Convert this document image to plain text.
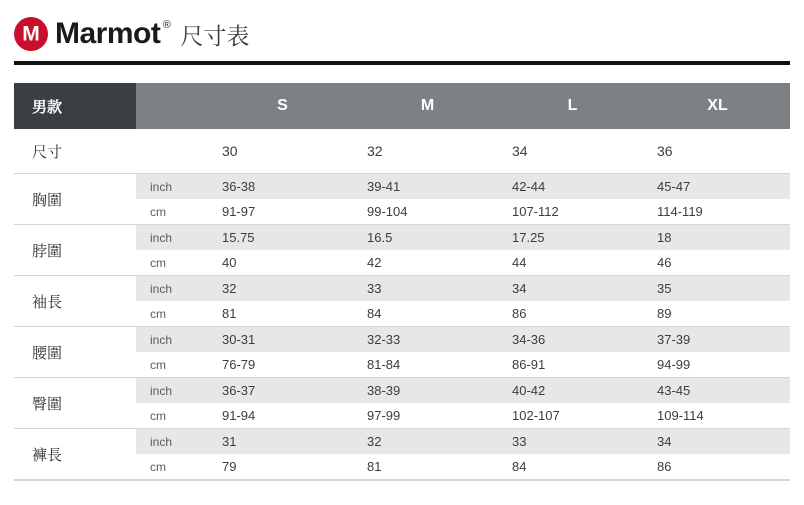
M Marmot ® 尺寸表
男款		S	M	L	XL
尺寸		30	32	34	36
胸圍	inch	36-38	39-41	42-44	45-47
	cm	91-97	99-104	107-112	114-119
脖圍	inch	15.75	16.5	17.25	18
	cm	40	42	44	46
袖長	inch	32	33	34	35
	cm	81	84	86	89
腰圍	inch	30-31	32-33	34-36	37-39
	cm	76-79	81-84	86-91	94-99
臀圍	inch	36-37	38-39	40-42	43-45
	cm	91-94	97-99	102-107	109-114
褲長	inch	31	32	33	34
	cm	79	81	84	86
